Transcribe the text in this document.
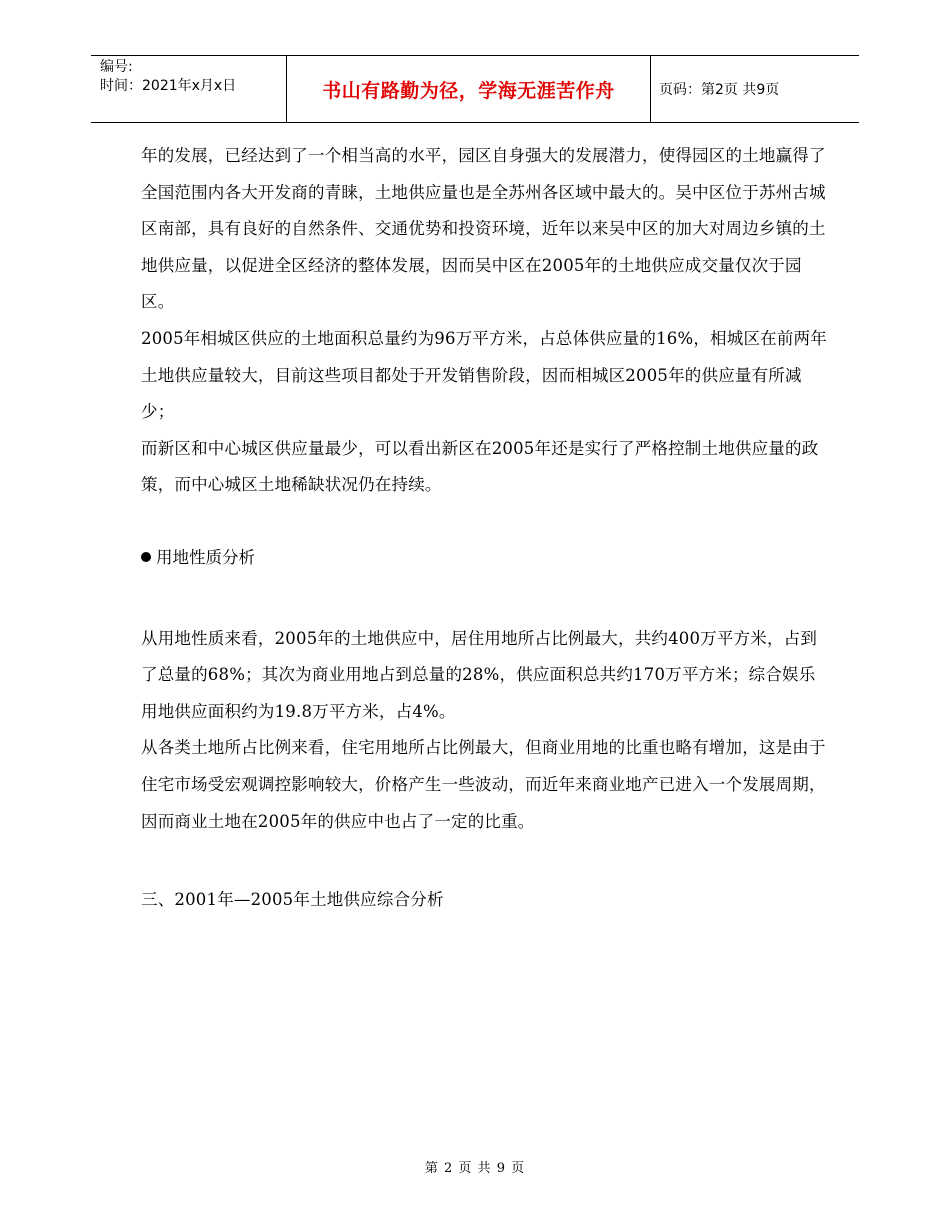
编号:
时间：2021年x月x日	书山有路勤为径，学海无涯苦作舟	页码：第2页 共9页

年的发展，已经达到了一个相当高的水平，园区自身强大的发展潜力，使得园区的土地赢得了全国范围内各大开发商的青睐，土地供应量也是全苏州各区域中最大的。吴中区位于苏州古城区南部，具有良好的自然条件、交通优势和投资环境，近年以来吴中区的加大对周边乡镇的土地供应量，以促进全区经济的整体发展，因而吴中区在2005年的土地供应成交量仅次于园区。

2005年相城区供应的土地面积总量约为96万平方米，占总体供应量的16%，相城区在前两年土地供应量较大，目前这些项目都处于开发销售阶段，因而相城区2005年的供应量有所减少；

而新区和中心城区供应量最少，可以看出新区在2005年还是实行了严格控制土地供应量的政策，而中心城区土地稀缺状况仍在持续。

用地性质分析

从用地性质来看，2005年的土地供应中，居住用地所占比例最大，共约400万平方米，占到了总量的68%；其次为商业用地占到总量的28%，供应面积总共约170万平方米；综合娱乐用地供应面积约为19.8万平方米，占4%。

从各类土地所占比例来看，住宅用地所占比例最大，但商业用地的比重也略有增加，这是由于住宅市场受宏观调控影响较大，价格产生一些波动，而近年来商业地产已进入一个发展周期，因而商业土地在2005年的供应中也占了一定的比重。

三、2001年—2005年土地供应综合分析

第 2 页 共 9 页
